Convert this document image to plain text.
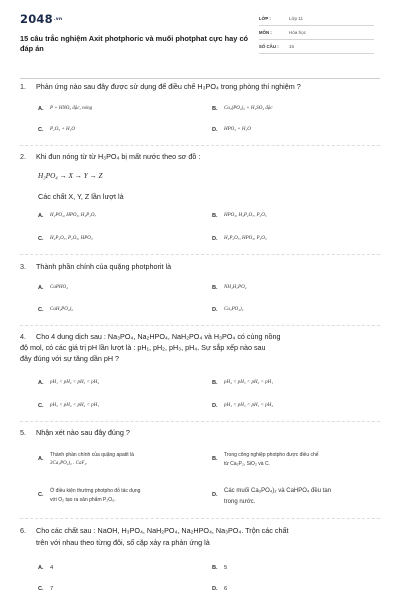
2048.vn
15 câu trắc nghiệm Axit photphoric và muối photphat cực hay có đáp án
LỚP :	Lớp 11
MÔN :	Hóa học
SỐ CÂU :	15
1.	Phản ứng nào sau đây được sử dụng để điều chế H₃PO₄ trong phòng thí nghiệm ?
A.	P + HNO₃ đặc, nóng	B.	Ca₃(PO₄)₂ + H₂SO₄ đặc
C.	P₂O₅ + H₂O	D.	HPO₃ + H₂O
2.	Khi đun nóng từ từ H₃PO₄ bị mất nước theo sơ đồ :
H₃PO₄ → X → Y → Z
Các chất X, Y, Z lần lượt là
A.	H₂PO₄, HPO₃, H₄P₂O₇	B.	HPO₃, H₄P₂O₇, P₂O₅
C.	H₄P₂O₇, P₂O₅, HPO₃	D.	H₄P₂O₇, HPO₃, P₂O₅
3.	Thành phần chính của quặng photphorit là
A.	CaPHO₄	B.	NH₄H₂PO₄
C.	CaH₂PO₄)₂	D.	Ca₃PO₄)₂
4.	Cho 4 dung dịch sau : Na₃PO₄, Na₂HPO₄, NaH₂PO₄ và H₃PO₄ có cùng nồng
độ mol, có các giá trị pH lần lượt là : pH₁, pH₂, pH₃, pH₄. Sự sắp xếp nào sau
đây đúng với sự tăng dần pH ?
A.	pH₁ < pH₂ < pH₃ < pH₄	B.	pH₄ < pH₃ < pH₂ < pH₁
C.	pH₃ < pH₂ < pH₄ < pH₁	D.	pH₃ < pH₂ < pH₁ < pH₄
5.	Nhận xét nào sau đây đúng ?
A.
Thành phần chính của quặng apatit là
3Ca₃PO₄)₂ . CaF₂.
B.
Trong công nghiệp photpho được điều chế
từ Ca₃P₂, SiO₂ và C.
C.
Ở điều kiện thường photpho đỏ tác dụng
với O₂ tạo ra sản phẩm P₂O₅.
D.
Các muối Ca₃PO₄)₂ và CaHPO₄ đều tan
trong nước.
6.	Cho các chất sau : NaOH, H₃PO₄, NaH₂PO₄, Na₂HPO₄, Na₃PO₄. Trộn các chất
trên với nhau theo từng đôi, số cặp xảy ra phản ứng là
A.	4	B.	5
C.	7	D.	6
